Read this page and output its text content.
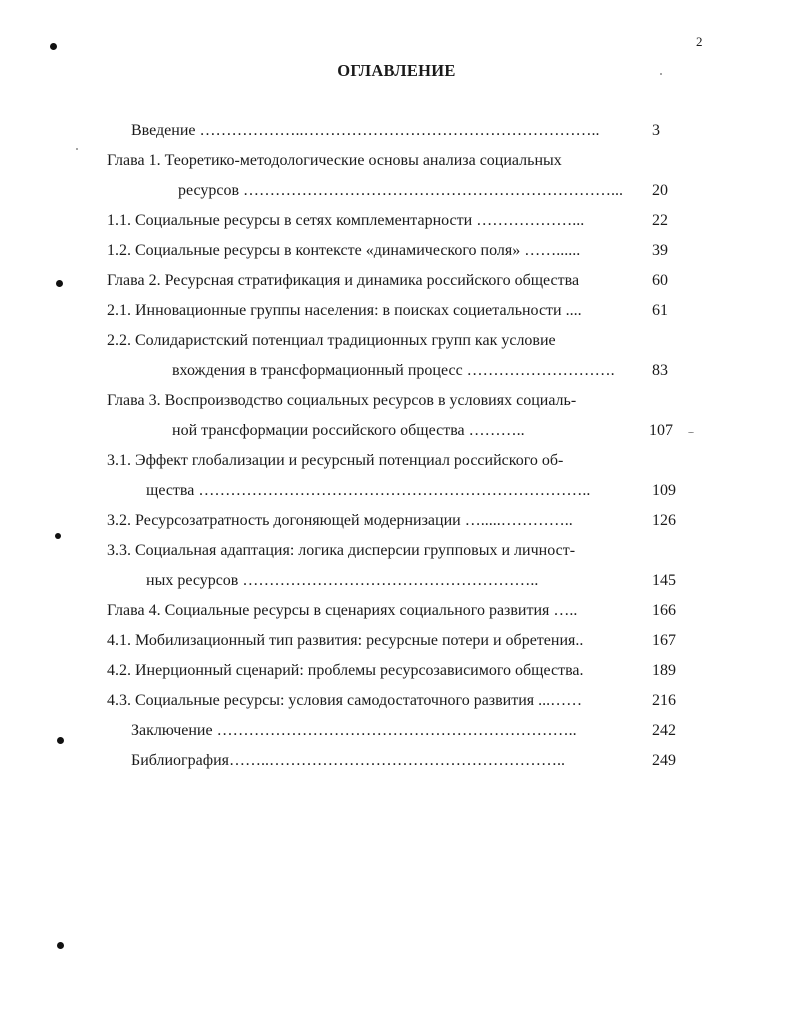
2
ОГЛАВЛЕНИЕ
Введение ………………..………………………………………………..	3
Глава 1. Теоретико-методологические основы анализа социальных
ресурсов ……………………………………………………………... 20
1.1. Социальные ресурсы в сетях комплементарности ………………...	22
1.2. Социальные ресурсы в контексте «динамического поля» ……......	39
Глава 2. Ресурсная стратификация и динамика российского общества	60
2.1. Инновационные группы населения: в поисках социетальности ....	61
2.2. Солидаристский потенциал традиционных групп как условие
вхождения в трансформационный процесс ………………………. 83
Глава 3. Воспроизводство социальных ресурсов в условиях социаль-
ной трансформации российского общества ………..	107
3.1. Эффект глобализации и ресурсный потенциал российского об-
щества ………………………………………………………………..	109
3.2. Ресурсозатратность догоняющей модернизации ….....…………..	126
3.3. Социальная адаптация: логика дисперсии групповых и личност-
ных ресурсов ………………………………………………..	145
Глава 4. Социальные ресурсы в сценариях социального развития …..	166
4.1. Мобилизационный тип развития: ресурсные потери и обретения..	167
4.2. Инерционный сценарий: проблемы ресурсозависимого общества.	189
4.3. Социальные ресурсы: условия самодостаточного развития ...……	216
Заключение …………………………………………………………..	242
Библиография……..………………………………………………..	249
